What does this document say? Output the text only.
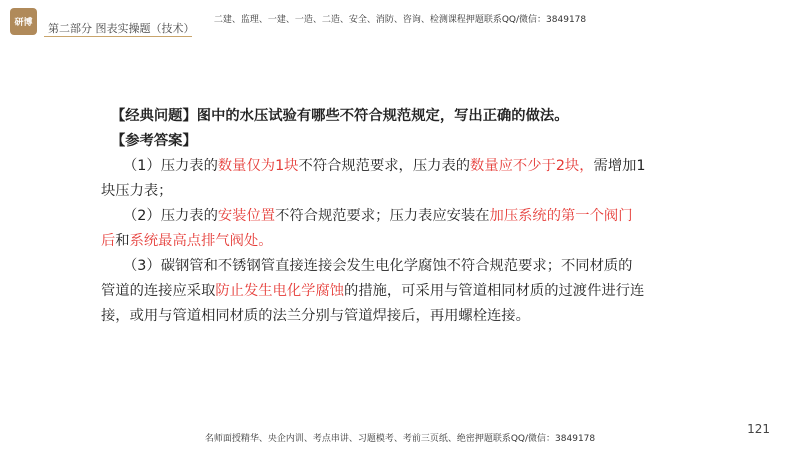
研博 第二部分 图表实操题（技术）
二建、监理、一建、一造、二造、安全、消防、咨询、检测课程押题联系QQ/微信：3849178

【经典问题】图中的水压试验有哪些不符合规范规定，写出正确的做法。

【参考答案】

（1）压力表的数量仅为1块不符合规范要求，压力表的数量应不少于2块，需增加1块压力表；

（2）压力表的安装位置不符合规范要求；压力表应安装在加压系统的第一个阀门后和系统最高点排气阀处。

（3）碳钢管和不锈钢管直接连接会发生电化学腐蚀不符合规范要求；不同材质的管道的连接应采取防止发生电化学腐蚀的措施，可采用与管道相同材质的过渡件进行连接，或用与管道相同材质的法兰分别与管道焊接后，再用螺栓连接。

名师面授精华、央企内训、考点串讲、习题模考、考前三页纸、绝密押题联系QQ/微信：3849178
121
